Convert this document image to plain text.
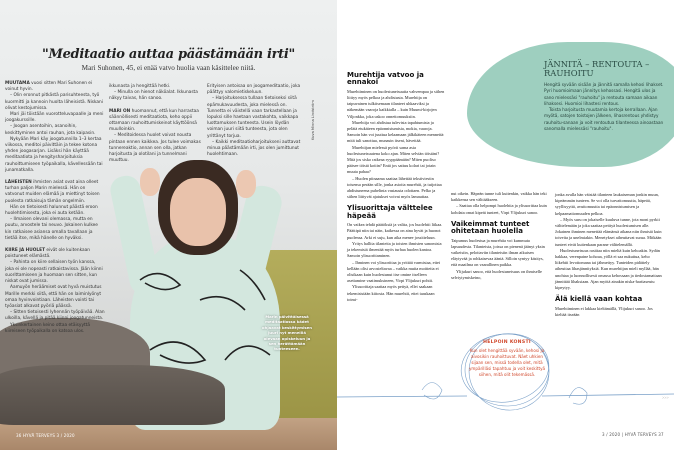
"Meditaatio auttaa päästämään irti"
Mari Suhonen, 45, ei enää vatvo huolia vaan käsittelee niitä.

MUUTAMA vuosi sitten Mari Suhonen ei voinut hyvin.

– Olin eronnut pitkästä parisuhteesta, työ kuormitti ja kannoin huolta läheisistä. Niskani olivat kestojumissa.

Mari jäi töistään vuorotteluvapaalle ja meni joogakurssille.

– Joogan asentoihin, asanoihin, keskittyminen antoi rauhan, jota kaipasin.

Nykyään Mari käy joogatunnilla 1–3 kertaa viikossa, meditoi päivittäin ja tekee kotona yhden joogasarjan. Lisäksi hän käyttää meditaatiota ja hengitysharjoituksia rauhoittumiseen työpaikalla, kävellessään tai junamatkalla.

LÄHEISTEN ihmisten asiat ovat aina olleet turhan paljon Marin mielessä. Hän on vatvonut muiden elämää ja miettinyt toisen puolesta ratkaisuja tämän ongelmiin.

Hän on tietoisesti halunnut päästä eroon huolehtimisesta, joka ei auta ketään.

– Ilmaisen olevani olemassa, mutta en puutu, arvostele tai neuvo. Jokainen kulkee kin ratkaisee asiansa omalla tavallaan ja tietää itse, mikä hänelle on hyväksi.

KIIRE JA HUOLET eivät ole kuitenkaan poistuneet elämästä.

– Pahinta on kiire sellaisen työn kanssa, joka ei ole nopeasti ratkaistavissa. Jään kiinni suorittamiseen ja huomaan sen sitten, kun niskat ovat jumissa.

Aamuyön heräämiset ovat hyvä muistutus Marille merkki siitä, että hän on laiminlyönyt omaa hyvinvointiaan. Läheisten vointi tai työasiat alkavat pyöriä päässä.

– Sitten tietoisesti lyhennän työpäivää. Alan ulkoilla, kävellä ja pitää kiinni joogatunneista.

Yksinkertainen keino ottaa etäisyyttä kiireiseen työpaikalla on katsoa ulos.

ikkunasta ja hengittää hetki.

– Minulla on hienot näköalat. Ikkunasta näkyy taivas, hän sanoo.

MARI ON huomannut, että kun harrastaa säännöllisesti meditaatiota, keho oppii ottamaan rauhoittumiskeinot käyttöönsä muulloinkin.

– Meditoidessa huolet voivat nousta pintaan ennen kaikkea. Jos tulee voimakas tunnereaktio, annan sen olla, jatkan harjoitusta ja olotilani ja tunnelmani muuttuu.

Erityisen antoisaa on joogameditaatio, joka päättyy valomietiskeluun.

– Harjoituksessa tullaan tietoiseksi siitä epämukavuudesta, joka mielessä on. Tunnetta ei väistellä vaan tarkastellaan ja lopuksi sille haetaan vastakohta, vaikkapa luottamuksen tunteesta. Usein löydän voiman juuri siitä tunteesta, jota olen yrittänyt torjua.

– Kaikki meditaatioharjoitukseni auttavat minua päästämään irti, jos olen jumittunut huolehtimaan.

Kuva Minna Lindström
Marin päivittäisessä meditaatiossa kädet ohjaavat keskittymisen juuri nyt meneillä olevaan opiskeluun ja sen herättämään tunteeseen.
36 HYVÄ TERVEYS 3 / 2020
JÄNNITÄ – RENTOUTA – RAUHOITU

Hengitä syvään sisään ja jännitä samalla kehosi lihakset. Pyri huomioimaan jännitys kehossasi. Hengitä ulos ja sano mielessäsi "rauhoitu" ja rentouta samaan aikaan lihaksesi. Huomioi lihastesi rentous.

Toista harjoitusta muutamia kertoja kerrallaan. Ajan myötä, satojen toistojen jälkeen, lihasrentous yhdistyy rauhoitu-sanaan ja voit rentoutua tilanteessa ainoastaan sanomalla mielessäsi "rauhoitu".

Murehtija vatvoo ja ennakoi

Murehtiminen on huolestuneisuutta vahvempaa ja siihen liittyy myös pelkoa ja ahdistusta. Murehtija on taipuvainen tulkitsemaan tilanteet uhkaaviksi ja näkemään vaaroja kaikkialla – kuin Muumi-kirjojen Viljonkka, joka uskoo onnettomuuksiin.

Murehtija voi ahdistua tulevista tapahtumista ja pelätä etukäteen epäonnistumisia, mokia, vaaroja. Samoin hän voi juuttua kelaamaan jälkikäteen menneitä: mitä tuli sanottua, munasin itseni, hävettää.

Murehtijan mielessä pyörii sama asia huolestuneisuutena koko ajan. Miten selviän töistäni? Mitä jos sisko ratkeaa ryyppäämään? Miten puoliso pääsee töistä kotiin? Entä jos sattuu kolari tai jotain muuta pahaa?

– Huolen piinaama saattaa lähettää tekstiviestin toisensa perään sille, jonka asioita murehtii, ja tuijottaa ahdistuneena puhelinta vastausta odottaen. Pelko ja siihen liittyvät ajatukset voivat myös lamauttaa.

Ylisuorittaja välttelee häpeää

On vaikea tehdä päätöksiä ja valita, jos huolehtii liikaa. Päättipä niin tai näin, kaikessa on aina hyvät ja huonot puolensa. Arki ei suju, kun aika menee jossitteluun.

Yritys hallita tilanteita ja toisten ihmisten sanomisia ja tekemisiä ilmentää myös turhaa huolen kantoa. Samoin ylisuorittaminen.

– Ihminen voi ylisuorittaa ja yrittää varmistaa, ettei kellään olisi arvosteltavaa – vaikka muita moitteita ei olisikaan kuin huolestunut itse omine itselleen asettamine vaatimuksineen, Virpi Ylijukuri pohtii.

Ylisuorittaja saattaa myös pettyä, ellei saakaan tekemisistään kiitosta. Hän murehtii, ettei taaskaan toimi-

nut oikein. Häpeän tunne tuli kuitenkin, vaikka hän teki kaikkensa sen välttääkseen.

– Saattaa olla helpompi huolehtia ja ylisuorittaa kuin kohdata omat kipeät tunteet, Virpi Ylijukuri sanoo.

Vaikeimmat tunteet ohitetaan huolella

Taipumus huolestua ja murehtia voi kummuta lapsuudesta. Tilanteista, joissa on pienenä jäänyt yksin vaikeisiin, pelottaviin tilanteisiin ilman aikuisen eläytyvää ja rohkaisevaa ääntä. Silloin syntyy käsitys, että maailma on vaarallinen paikka.

Ylijukuri sanoo, että huolestuneisuus on ihmiselle selviytymiskeino,

jonka avulla hän väistää tilanteen laukaiseman jonkin muun, kipeämmän tunteen. Se voi olla turvattomuutta, häpeää, syyllisyyttä, avuttomuutta tai epäonnistumisen ja kelpaamattomuuden pelkoa.

– Myös suru on jokaiselle kuuluva tunne, jota moni pyrkii välttelemään ja joka saattaa peittyä huolestumisen alle. Jokainen ihminen menettää elämänsä aikana niin ihmisiä kuin toiveita ja unelmiakin. Menetykset aiheuttavat surua. Mitkään tunteet eivät kuitenkaan parane välttelemällä.

Huolestuneisuus rasittaa niin mieltä kuin kehoakin. Sydän hakkaa, verenpaine kohoaa, yöllä ei saa nukuttua, keho liikehtii levottomana tai jähmettyy. Tunteiden pidättely aiheuttaa lihasjännityksiä. Kun murehtijan mieli myllää, hän unohtaa ja luonnollisesti omassa kehossaan ja tiedostamattaan jännittää lihaksiaan. Ajan myötä ainakin niska-hartiaseutu kipeytyy.

Älä kiellä vaan kohtaa

Murehtiminen ei lakkaa kieltämällä, Ylijukuri sanoo. Jos kieltää itseään

HELPOIN KONSTI
Kun olet hengittää syvään, kehosi ja aivosikin rauhoittuvat. Näet uhkien sijaan sen, missä todella olet, mitä ympärilläsi tapahtuu ja voit keskittyä siihen, mitä olit tekemässä.
>>>
3 / 2020 | HYVÄ TERVEYS 37
